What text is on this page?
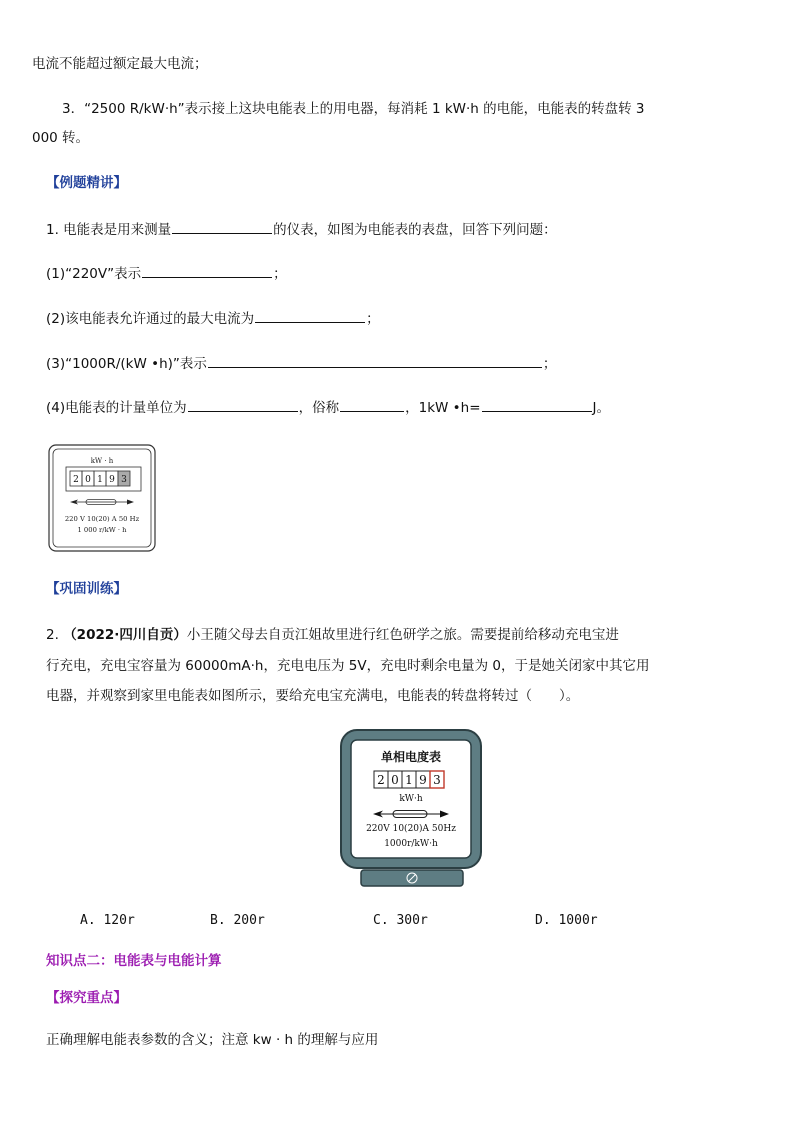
电流不能超过额定最大电流；
3．“2500 R/kW·h”表示接上这块电能表上的用电器，每消耗 1 kW·h 的电能，电能表的转盘转 3
000 转。
【例题精讲】
1. 电能表是用来测量	的仪表，如图为电能表的表盘，回答下列问题：
(1)“220V”表示	；
(2)该电能表允许通过的最大电流为	；
(3)“1000R/(kW •h)”表示	；
(4)电能表的计量单位为	，俗称	，1kW •h=	J。
kW · h
2 0 1 9 3
220 V 10(20) A 50 Hz
1 000 r/kW · h
【巩固训练】
2. （2022·四川自贡）小王随父母去自贡江姐故里进行红色研学之旅。需要提前给移动充电宝进
行充电，充电宝容量为 60000mA·h，充电电压为 5V，充电时剩余电量为 0，于是她关闭家中其它用
电器，并观察到家里电能表如图所示，要给充电宝充满电，电能表的转盘将转过（　　）。
单相电度表
2 0 1 9 3
kW·h
220V 10(20)A 50Hz
1000r/kW·h
A. 120r	B. 200r	C. 300r	D. 1000r
知识点二：电能表与电能计算
【探究重点】
正确理解电能表参数的含义；注意 kw · h 的理解与应用
